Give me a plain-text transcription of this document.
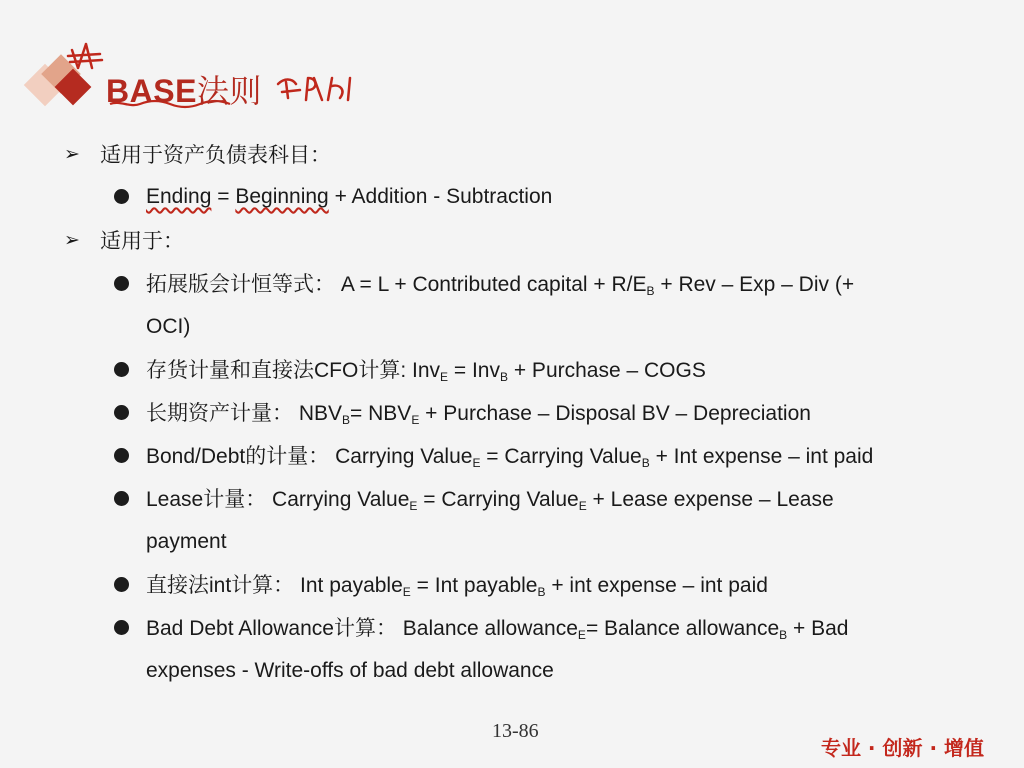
BASE法则
➢ 适用于资产负债表科目：
Ending = Beginning + Addition - Subtraction
➢ 适用于：
拓展版会计恒等式： A = L + Contributed capital + $R/E_B$ + Rev – Exp – Div (+
OCI)
存货计量和直接法CFO计算: Inv$_E$ = Inv$_B$ + Purchase – COGS
长期资产计量： $NBV_B= NBV_E$ + Purchase – Disposal BV – Depreciation
Bond/Debt的计量： Carrying Value$_E$ = Carrying Value$_B$ + Int expense – int paid
Lease计量： Carrying Value$_E$ = Carrying Value$_E$ + Lease expense – Lease
payment
直接法int计算： Int payable$_E$ = Int payable$_B$ + int expense – int paid
Bad Debt Allowance计算： Balance allowance$_E$= Balance allowance$_B$ + Bad
expenses - Write-offs of bad debt allowance
13-86
专业 · 创新 · 增值
